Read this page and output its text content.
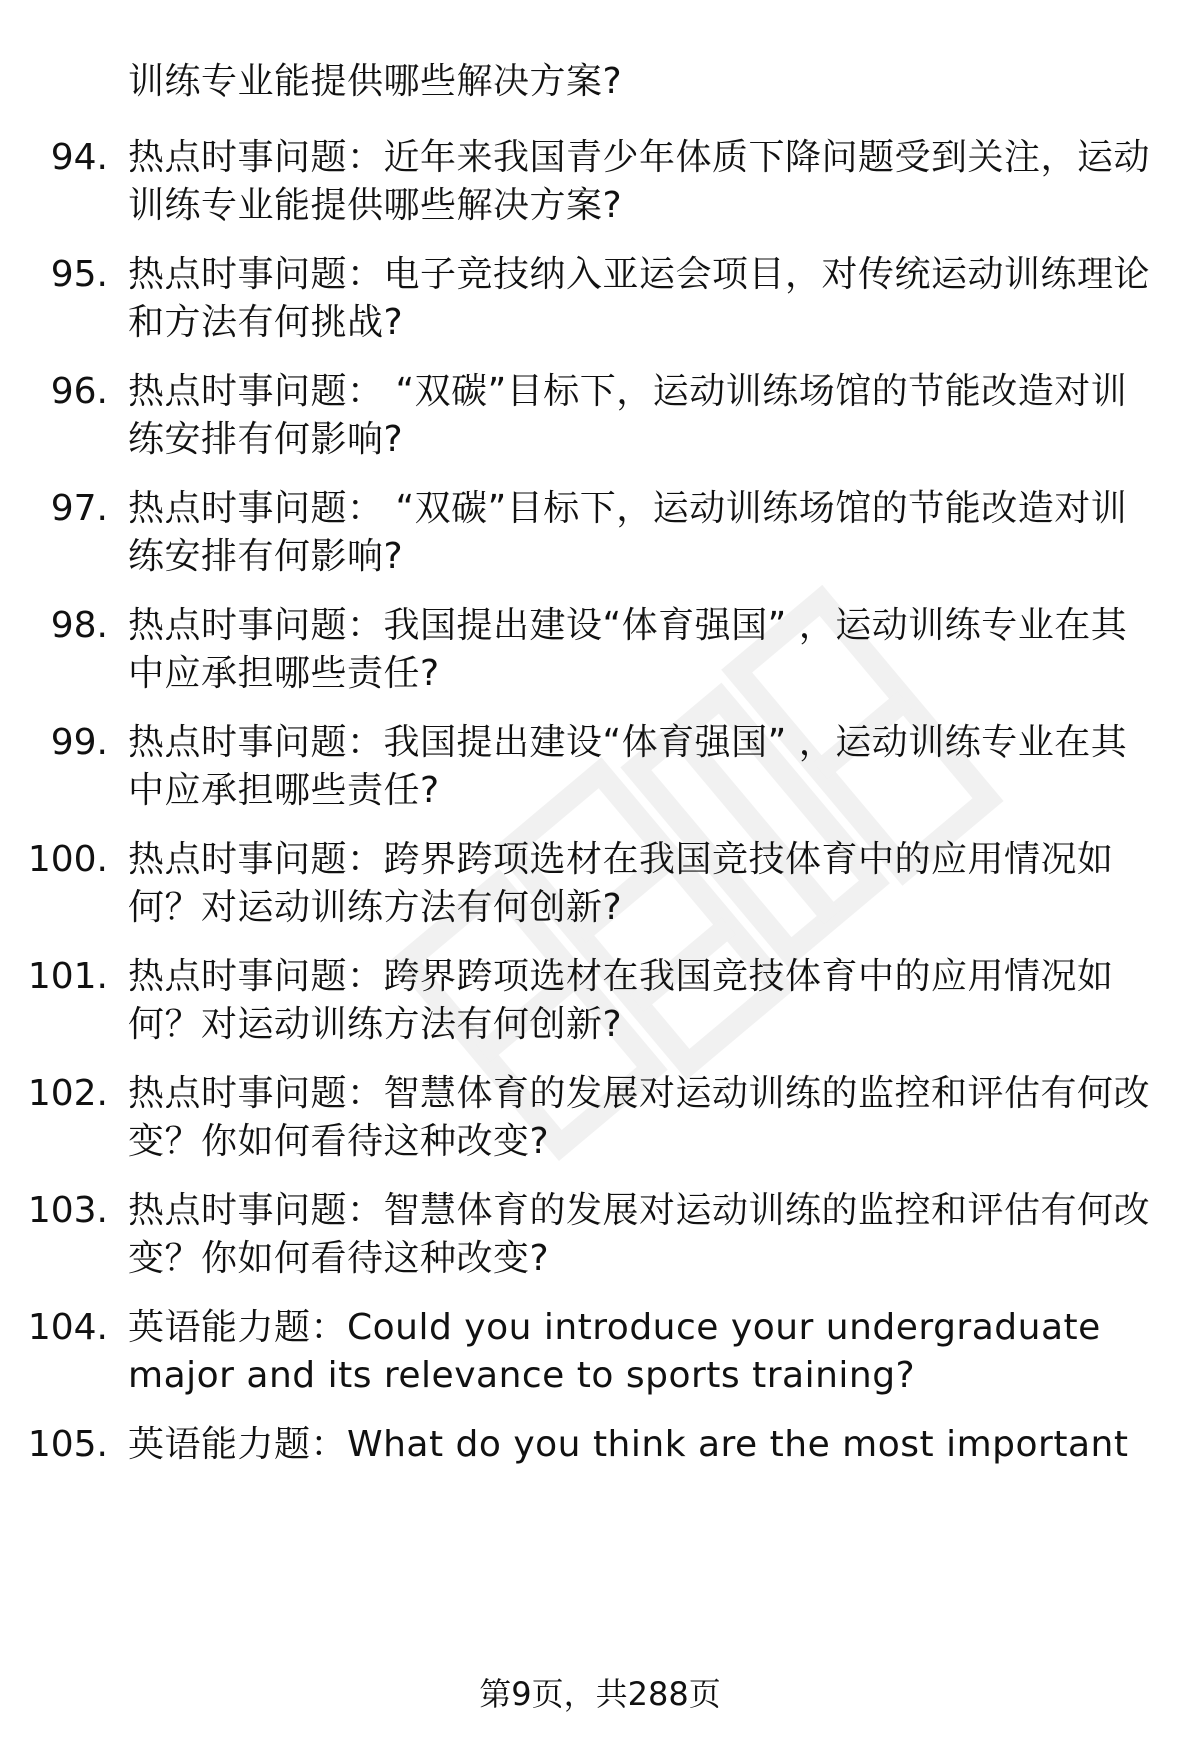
训练专业能提供哪些解决方案?
94. 热点时事问题：近年来我国青少年体质下降问题受到关注，运动
训练专业能提供哪些解决方案?
95. 热点时事问题：电子竞技纳入亚运会项目，对传统运动训练理论
和方法有何挑战?
96. 热点时事问题： “双碳”目标下，运动训练场馆的节能改造对训
练安排有何影响?
97. 热点时事问题： “双碳”目标下，运动训练场馆的节能改造对训
练安排有何影响?
98. 热点时事问题：我国提出建设“体育强国” ，运动训练专业在其
中应承担哪些责任?
99. 热点时事问题：我国提出建设“体育强国” ，运动训练专业在其
中应承担哪些责任?
100. 热点时事问题：跨界跨项选材在我国竞技体育中的应用情况如
何？对运动训练方法有何创新?
101. 热点时事问题：跨界跨项选材在我国竞技体育中的应用情况如
何？对运动训练方法有何创新?
102. 热点时事问题：智慧体育的发展对运动训练的监控和评估有何改
变？你如何看待这种改变?
103. 热点时事问题：智慧体育的发展对运动训练的监控和评估有何改
变？你如何看待这种改变?
104. 英语能力题：Could you introduce your undergraduate
major and its relevance to sports training?
105. 英语能力题：What do you think are the most important
第9页，共288页
